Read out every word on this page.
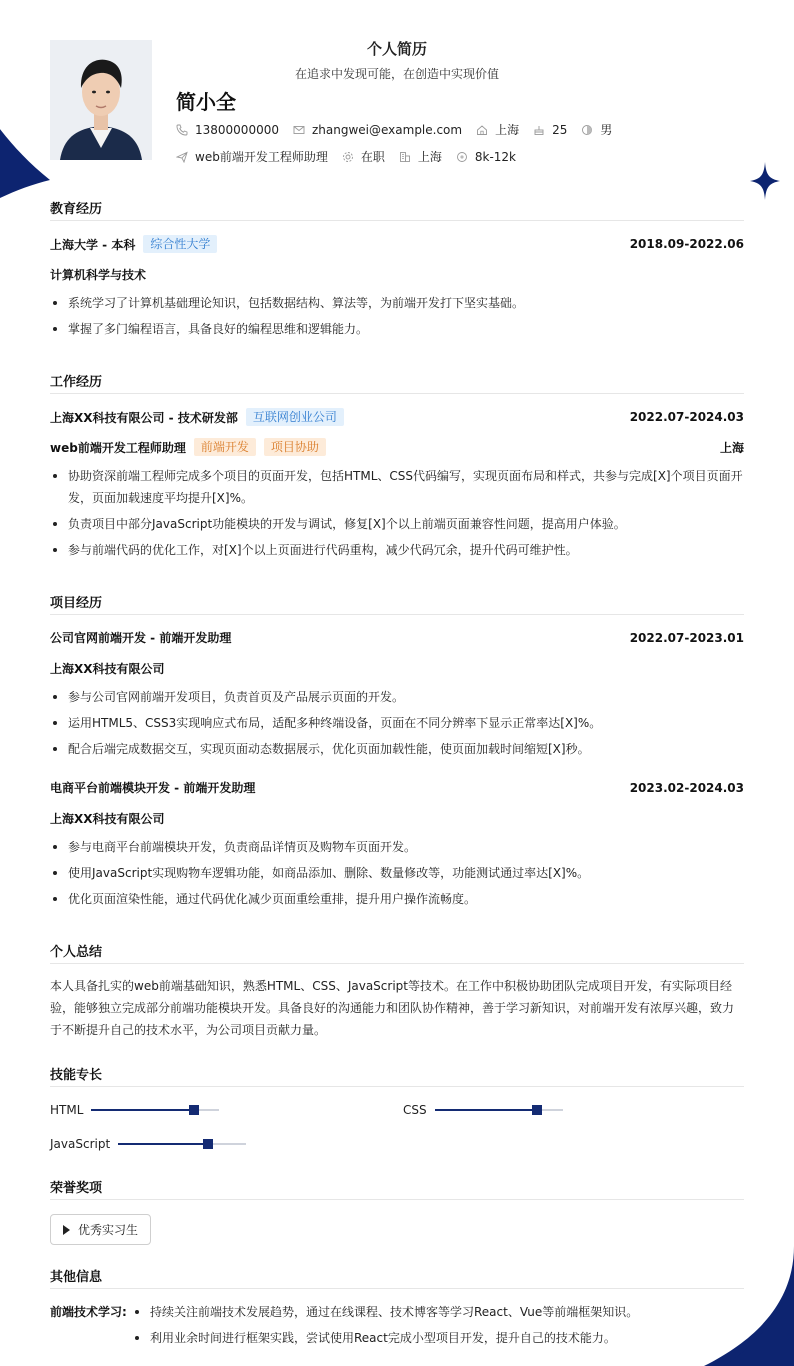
个人简历
在追求中发现可能，在创造中实现价值
简小全
13800000000	zhangwei@example.com	上海	25	男
web前端开发工程师助理	在职	上海	8k-12k
教育经历
上海大学 - 本科	综合性大学	2018.09-2022.06
计算机科学与技术
系统学习了计算机基础理论知识，包括数据结构、算法等，为前端开发打下坚实基础。
掌握了多门编程语言，具备良好的编程思维和逻辑能力。
工作经历
上海XX科技有限公司 - 技术研发部	互联网创业公司	2022.07-2024.03
web前端开发工程师助理	前端开发	项目协助	上海
协助资深前端工程师完成多个项目的页面开发，包括HTML、CSS代码编写，实现页面布局和样式，共参与完成[X]个项目页面开发，页面加载速度平均提升[X]%。
负责项目中部分JavaScript功能模块的开发与调试，修复[X]个以上前端页面兼容性问题，提高用户体验。
参与前端代码的优化工作，对[X]个以上页面进行代码重构，减少代码冗余，提升代码可维护性。
项目经历
公司官网前端开发 - 前端开发助理	2022.07-2023.01
上海XX科技有限公司
参与公司官网前端开发项目，负责首页及产品展示页面的开发。
运用HTML5、CSS3实现响应式布局，适配多种终端设备，页面在不同分辨率下显示正常率达[X]%。
配合后端完成数据交互，实现页面动态数据展示，优化页面加载性能，使页面加载时间缩短[X]秒。
电商平台前端模块开发 - 前端开发助理	2023.02-2024.03
上海XX科技有限公司
参与电商平台前端模块开发，负责商品详情页及购物车页面开发。
使用JavaScript实现购物车逻辑功能，如商品添加、删除、数量修改等，功能测试通过率达[X]%。
优化页面渲染性能，通过代码优化减少页面重绘重排，提升用户操作流畅度。
个人总结
本人具备扎实的web前端基础知识，熟悉HTML、CSS、JavaScript等技术。在工作中积极协助团队完成项目开发，有实际项目经验，能够独立完成部分前端功能模块开发。具备良好的沟通能力和团队协作精神，善于学习新知识，对前端开发有浓厚兴趣，致力于不断提升自己的技术水平，为公司项目贡献力量。
技能专长
HTML	CSS
JavaScript
荣誉奖项
优秀实习生
其他信息
前端技术学习:	持续关注前端技术发展趋势，通过在线课程、技术博客等学习React、Vue等前端框架知识。
利用业余时间进行框架实践，尝试使用React完成小型项目开发，提升自己的技术能力。
